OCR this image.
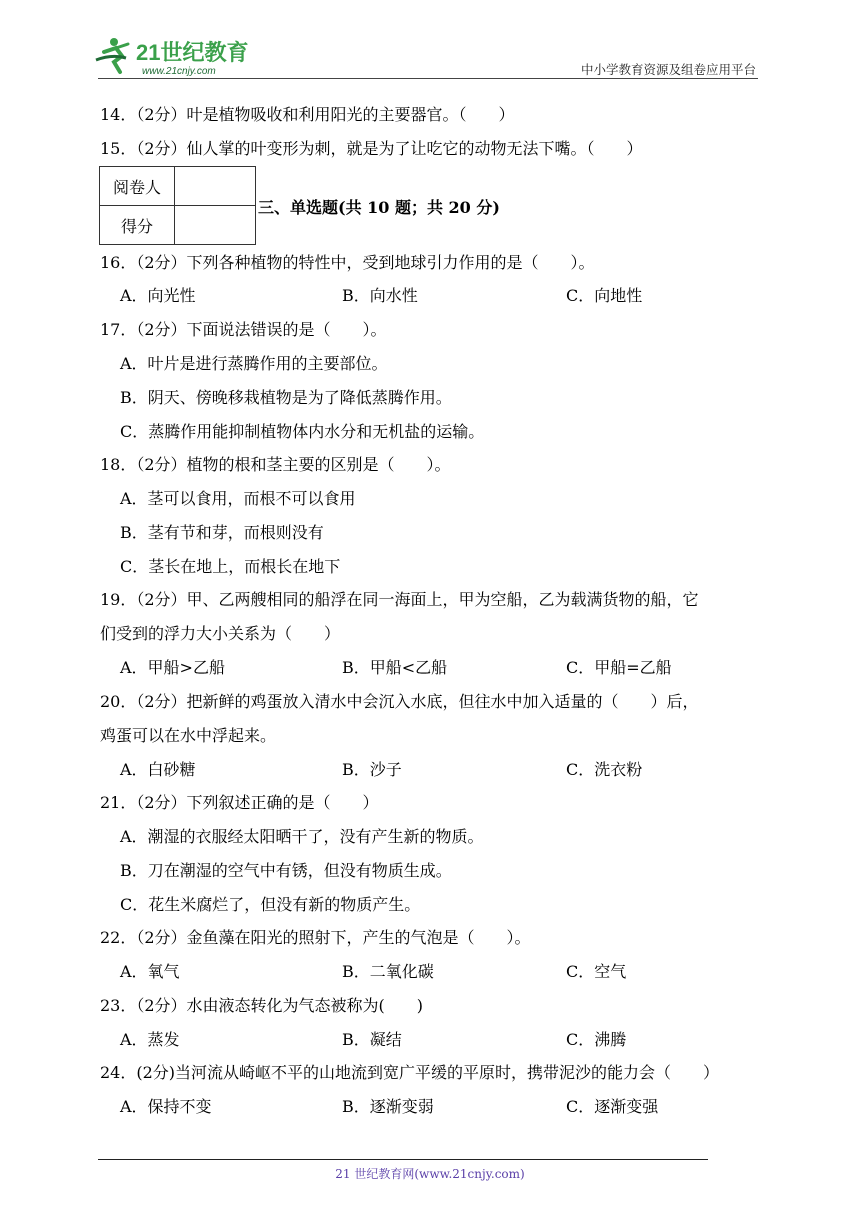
21世纪教育
www.21cnjy.com	中小学教育资源及组卷应用平台
14．（2分）叶是植物吸收和利用阳光的主要器官。（　　）
15．（2分）仙人掌的叶变形为刺，就是为了让吃它的动物无法下嘴。（　　）
阅卷人	
得分	
三、单选题(共 10 题；共 20 分)
16．（2分）下列各种植物的特性中，受到地球引力作用的是（　　）。
A．向光性	B．向水性	C．向地性
17．（2分）下面说法错误的是（　　）。
A．叶片是进行蒸腾作用的主要部位。
B．阴天、傍晚移栽植物是为了降低蒸腾作用。
C．蒸腾作用能抑制植物体内水分和无机盐的运输。
18．（2分）植物的根和茎主要的区别是（　　）。
A．茎可以食用，而根不可以食用
B．茎有节和芽，而根则没有
C．茎长在地上，而根长在地下
19．（2分）甲、乙两艘相同的船浮在同一海面上，甲为空船，乙为载满货物的船，它
们受到的浮力大小关系为（　　）
A．甲船>乙船	B．甲船<乙船	C．甲船=乙船
20．（2分）把新鲜的鸡蛋放入清水中会沉入水底，但往水中加入适量的（　　）后，
鸡蛋可以在水中浮起来。
A．白砂糖	B．沙子	C．洗衣粉
21．（2分）下列叙述正确的是（　　）
A．潮湿的衣服经太阳晒干了，没有产生新的物质。
B．刀在潮湿的空气中有锈，但没有物质生成。
C．花生米腐烂了，但没有新的物质产生。
22．（2分）金鱼藻在阳光的照射下，产生的气泡是（　　）。
A．氧气	B．二氧化碳	C．空气
23．（2分）水由液态转化为气态被称为(　　)
A．蒸发	B．凝结	C．沸腾
24．(2分)当河流从崎岖不平的山地流到宽广平缓的平原时，携带泥沙的能力会（　　）
A．保持不变	B．逐渐变弱	C．逐渐变强
21 世纪教育网(www.21cnjy.com)
